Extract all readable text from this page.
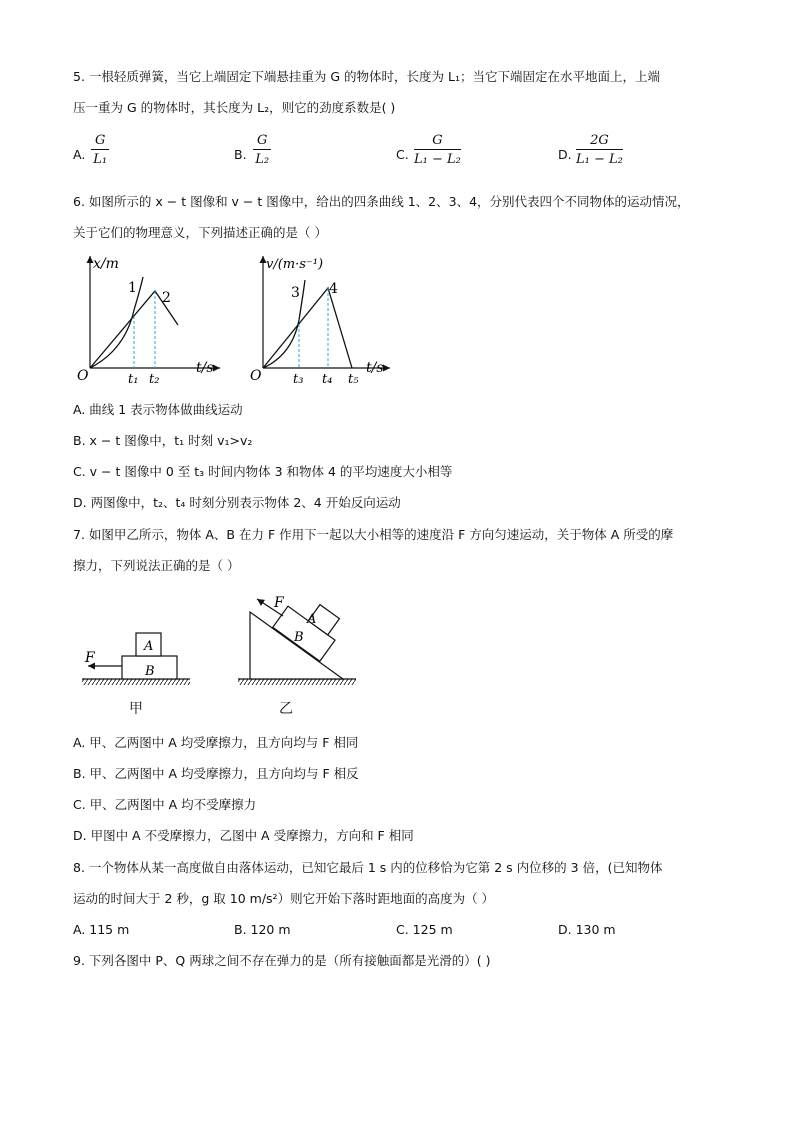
5. 一根轻质弹簧，当它上端固定下端悬挂重为 G 的物体时，长度为 L₁；当它下端固定在水平地面上，上端
压一重为 G 的物体时，其长度为 L₂，则它的劲度系数是( )
A. $\frac{G}{\text{L₁}}$	B. $\frac{G}{\text{L₂}}$	C. $\frac{G}{\text{L₁ − L₂}}$	D. $\frac{2G}{\text{L₁ − L₂}}$
6. 如图所示的 x − t 图像和 v − t 图像中，给出的四条曲线 1、2、3、4，分别代表四个不同物体的运动情况，
关于它们的物理意义，下列描述正确的是（ ）
x/m
t/s
O	t₁ t₂
1
2
v/(m·s⁻¹)
t/s
O t₃ t₄ t₅
3 4
A. 曲线 1 表示物体做曲线运动
B. x − t 图像中，t₁ 时刻 v₁>v₂
C. v − t 图像中 0 至 t₃ 时间内物体 3 和物体 4 的平均速度大小相等
D. 两图像中，t₂、t₄ 时刻分别表示物体 2、4 开始反向运动
7. 如图甲乙所示，物体 A、B 在力 F 作用下一起以大小相等的速度沿 F 方向匀速运动，关于物体 A 所受的摩
擦力，下列说法正确的是（ ）
F
A
B
F
A
B
甲	乙
A. 甲、乙两图中 A 均受摩擦力，且方向均与 F 相同
B. 甲、乙两图中 A 均受摩擦力，且方向均与 F 相反
C. 甲、乙两图中 A 均不受摩擦力
D. 甲图中 A 不受摩擦力，乙图中 A 受摩擦力，方向和 F 相同
8. 一个物体从某一高度做自由落体运动，已知它最后 1 s 内的位移恰为它第 2 s 内位移的 3 倍，(已知物体
运动的时间大于 2 秒，g 取 10 m/s²）则它开始下落时距地面的高度为（ ）
A. 115 m	B. 120 m	C. 125 m	D. 130 m
9. 下列各图中 P、Q 两球之间不存在弹力的是（所有接触面都是光滑的）( )
